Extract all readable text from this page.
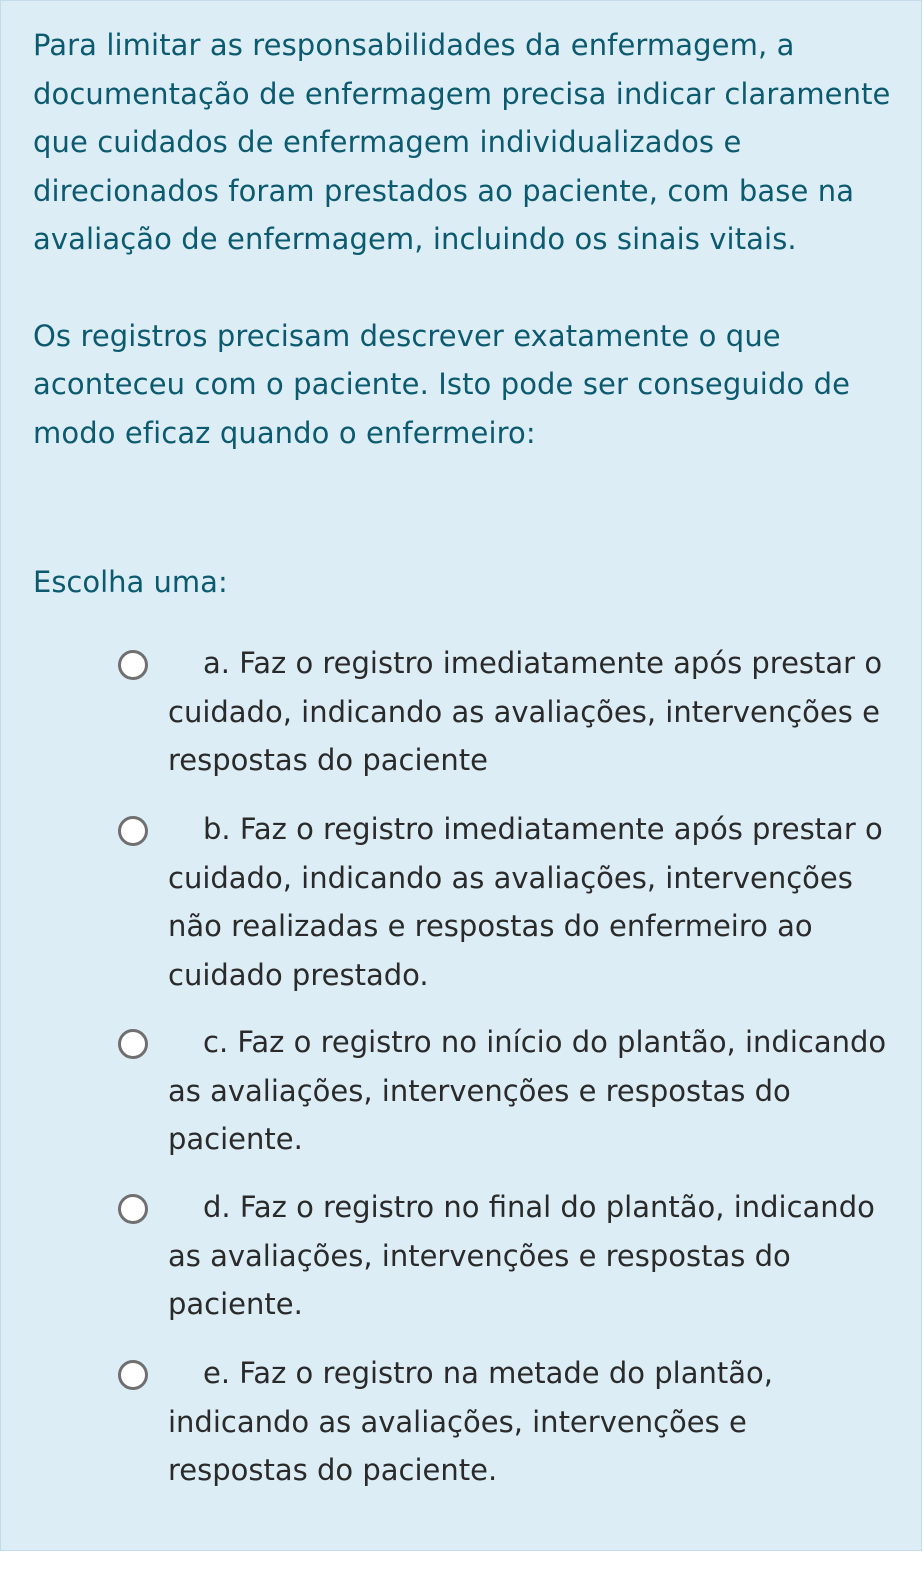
Para limitar as responsabilidades da enfermagem, a documentação de enfermagem precisa indicar claramente que cuidados de enfermagem individualizados e direcionados foram prestados ao paciente, com base na avaliação de enfermagem, incluindo os sinais vitais.

Os registros precisam descrever exatamente o que aconteceu com o paciente. Isto pode ser conseguido de modo eficaz quando o enfermeiro:

Escolha uma:

a. Faz o registro imediatamente após prestar o cuidado, indicando as avaliações, intervenções e respostas do paciente

b. Faz o registro imediatamente após prestar o cuidado, indicando as avaliações, intervenções não realizadas e respostas do enfermeiro ao cuidado prestado.

c. Faz o registro no início do plantão, indicando as avaliações, intervenções e respostas do paciente.

d. Faz o registro no final do plantão, indicando as avaliações, intervenções e respostas do paciente.

e. Faz o registro na metade do plantão, indicando as avaliações, intervenções e respostas do paciente.
